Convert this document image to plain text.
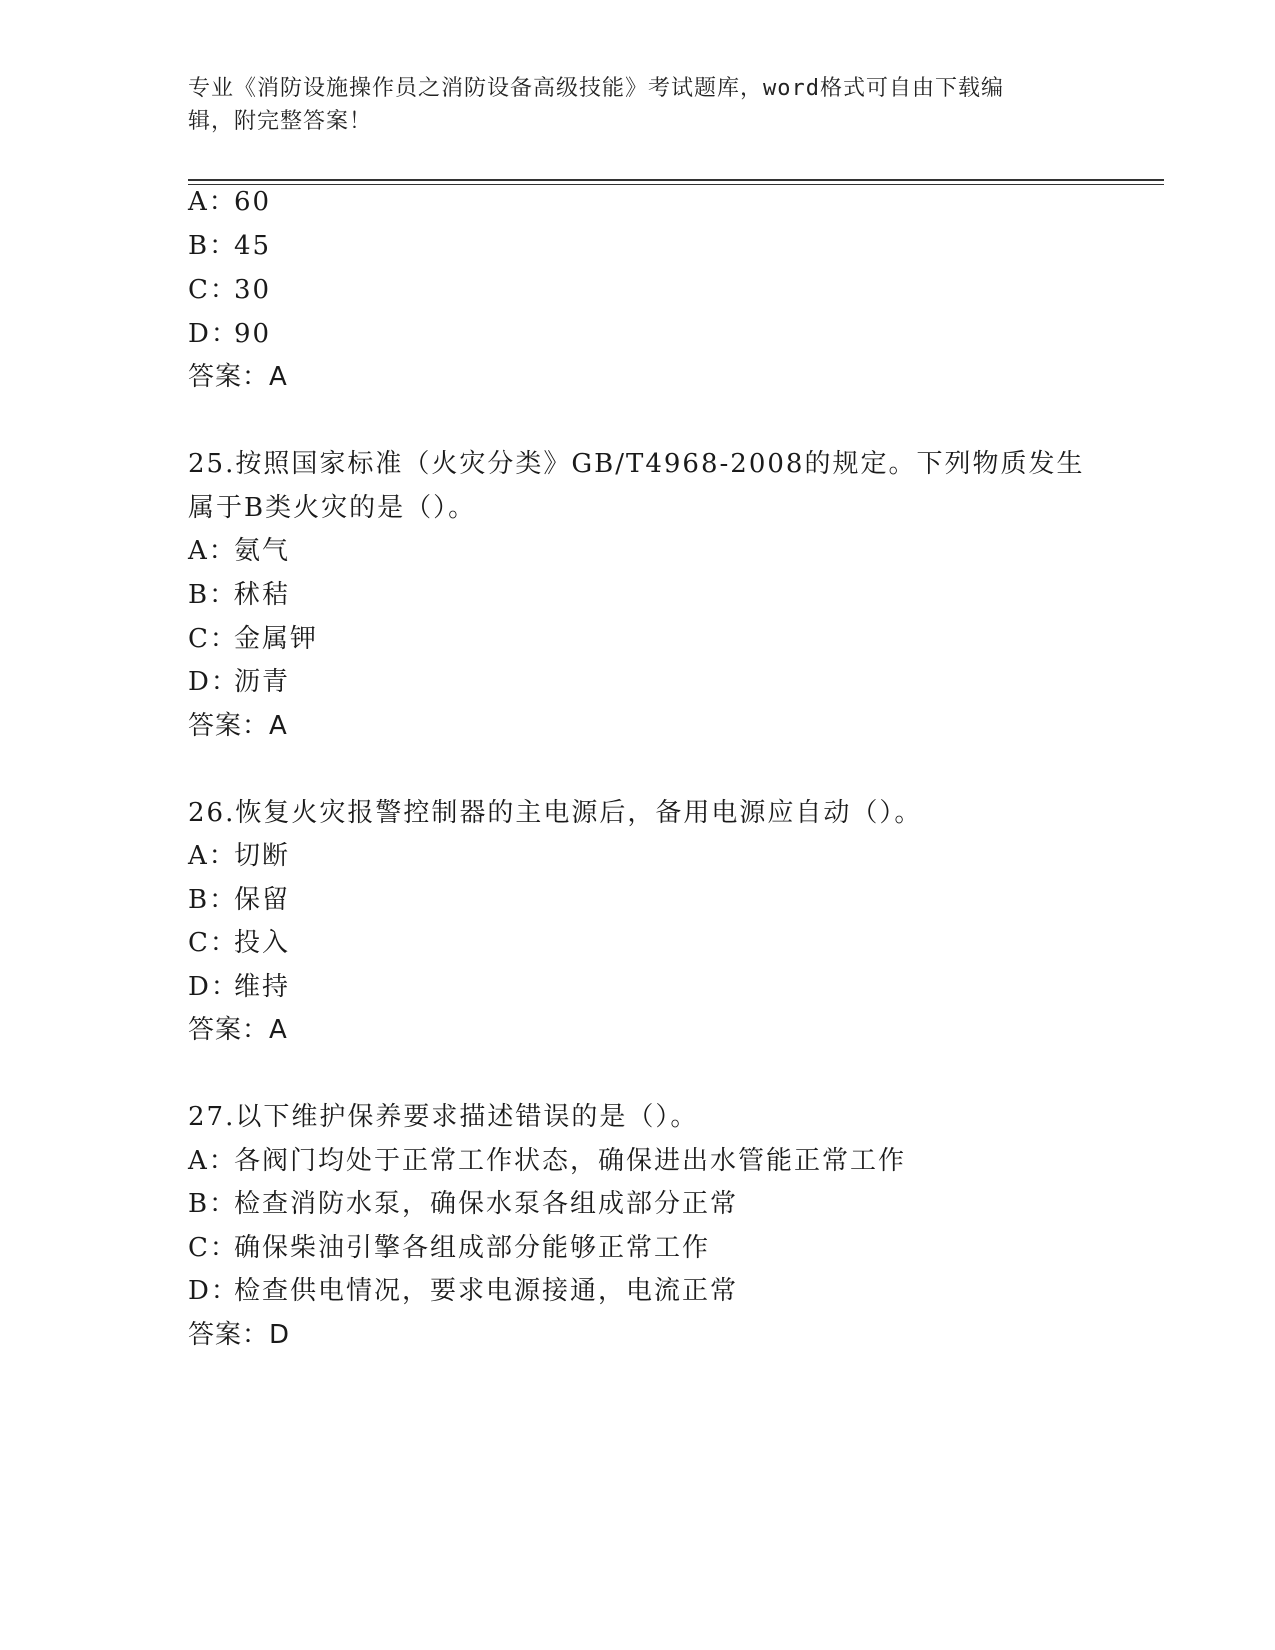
专业《消防设施操作员之消防设备高级技能》考试题库，word格式可自由下载编
辑，附完整答案！
A：60
B：45
C：30
D：90
答案：A
25.按照国家标准（火灾分类》GB/T4968-2008的规定。下列物质发生
属于B类火灾的是（）。
A：氨气
B：秫秸
C：金属钾
D：沥青
答案：A
26.恢复火灾报警控制器的主电源后，备用电源应自动（）。
A：切断
B：保留
C：投入
D：维持
答案：A
27.以下维护保养要求描述错误的是（）。
A：各阀门均处于正常工作状态，确保进出水管能正常工作
B：检查消防水泵，确保水泵各组成部分正常
C：确保柴油引擎各组成部分能够正常工作
D：检查供电情况，要求电源接通，电流正常
答案：D
